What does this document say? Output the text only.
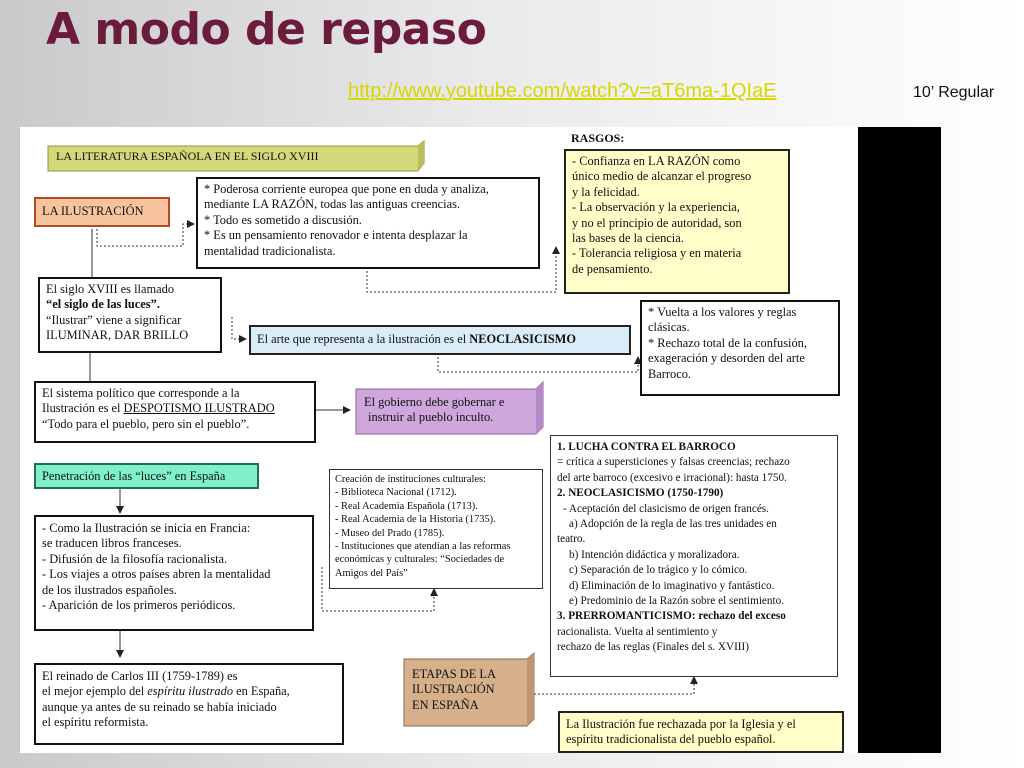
A modo de repaso
http://www.youtube.com/watch?v=aT6ma-1QIaE	10’ Regular
RASGOS:
LA LITERATURA ESPAÑOLA EN EL SIGLO XVIII
LA ILUSTRACIÓN
* Poderosa corriente europea que pone en duda y analiza,
mediante LA RAZÓN, todas las antiguas creencias.
* Todo es sometido a discusión.
* Es un pensamiento renovador e intenta desplazar la
mentalidad tradicionalista.
- Confianza en LA RAZÓN como
único medio de alcanzar el progreso
y la felicidad.
- La observación y la experiencia,
y no el principio de autoridad, son
las bases de la ciencia.
- Tolerancia religiosa y en materia
de pensamiento.
El siglo XVIII es llamado
“el siglo de las luces”.
“Ilustrar” viene a significar
ILUMINAR, DAR BRILLO	El arte que representa a la ilustración es el NEOCLASICISMO
* Vuelta a los valores y reglas
clásicas.
* Rechazo total de la confusión,
exageración y desorden del arte
Barroco.
El sistema político que corresponde a la
Ilustración es el DESPOTISMO ILUSTRADO
“Todo para el pueblo, pero sin el pueblo”.
El gobierno debe gobernar e
instruir al pueblo inculto.
Penetración de las “luces” en España
- Como la Ilustración se inicia en Francia:
se traducen libros franceses.
- Difusión de la filosofía racionalista.
- Los viajes a otros países abren la mentalidad
de los ilustrados españoles.
- Aparición de los primeros periódicos.
Creación de instituciones culturales:
- Biblioteca Nacional (1712).
- Real Academia Española (1713).
- Real Academia de la Historia (1735).
- Museo del Prado (1785).
- Instituciones que atendían a las reformas
económicas y culturales: “Sociedades de
Amigos del País”
1. LUCHA CONTRA EL BARROCO
= crítica a supersticiones y falsas creencias; rechazo
del arte barroco (excesivo e irracional): hasta 1750.
2. NEOCLASICISMO (1750-1790)
- Aceptación del clasicismo de origen francés.
a) Adopción de la regla de las tres unidades en
teatro.
b) Intención didáctica y moralizadora.
c) Separación de lo trágico y lo cómico.
d) Eliminación de lo imaginativo y fantástico.
e) Predominio de la Razón sobre el sentimiento.
3. PRERROMANTICISMO: rechazo del exceso
racionalista. Vuelta al sentimiento y
rechazo de las reglas (Finales del s. XVIII)
El reinado de Carlos III (1759-1789) es
el mejor ejemplo del espíritu ilustrado en España,
aunque ya antes de su reinado se había iniciado
el espíritu reformista.
ETAPAS DE LA
ILUSTRACIÓN
EN ESPAÑA
La Ilustración fue rechazada por la Iglesia y el
espíritu tradicionalista del pueblo español.
